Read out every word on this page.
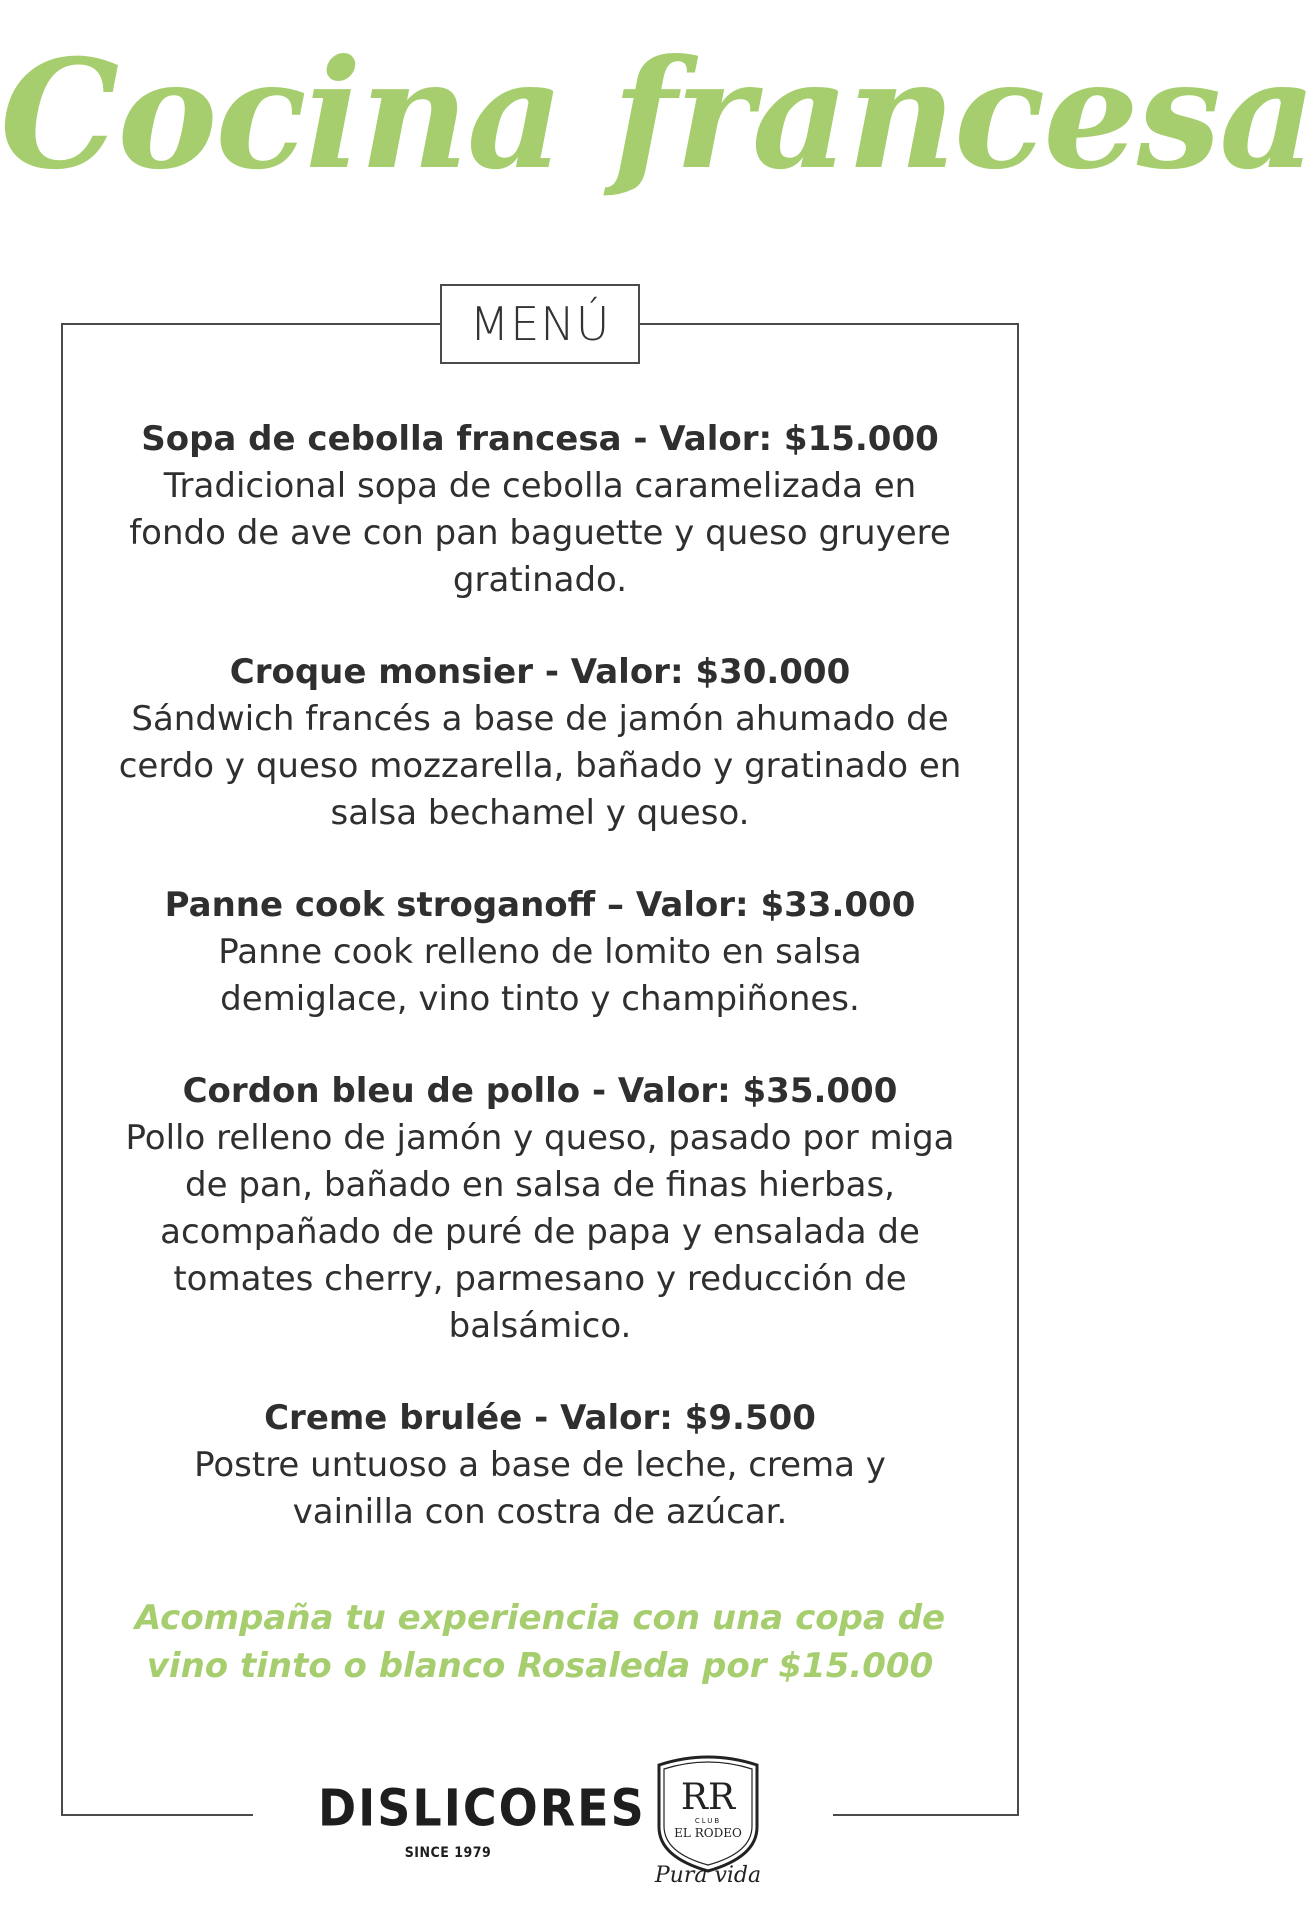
Cocina francesa
MENÚ
Sopa de cebolla francesa - Valor: $15.000
Tradicional sopa de cebolla caramelizada en fondo de ave con pan baguette y queso gruyere gratinado.
Croque monsier - Valor: $30.000
Sándwich francés a base de jamón ahumado de cerdo y queso mozzarella, bañado y gratinado en salsa bechamel y queso.
Panne cook stroganoff – Valor: $33.000
Panne cook relleno de lomito en salsa demiglace, vino tinto y champiñones.
Cordon bleu de pollo - Valor: $35.000
Pollo relleno de jamón y queso, pasado por miga de pan, bañado en salsa de finas hierbas, acompañado de puré de papa y ensalada de tomates cherry, parmesano y reducción de balsámico.
Creme brulée - Valor: $9.500
Postre untuoso a base de leche, crema y vainilla con costra de azúcar.
Acompaña tu experiencia con una copa de vino tinto o blanco Rosaleda por $15.000
DISLICORES
SINCE 1979
RR
CLUB
EL RODEO
Pura vida
